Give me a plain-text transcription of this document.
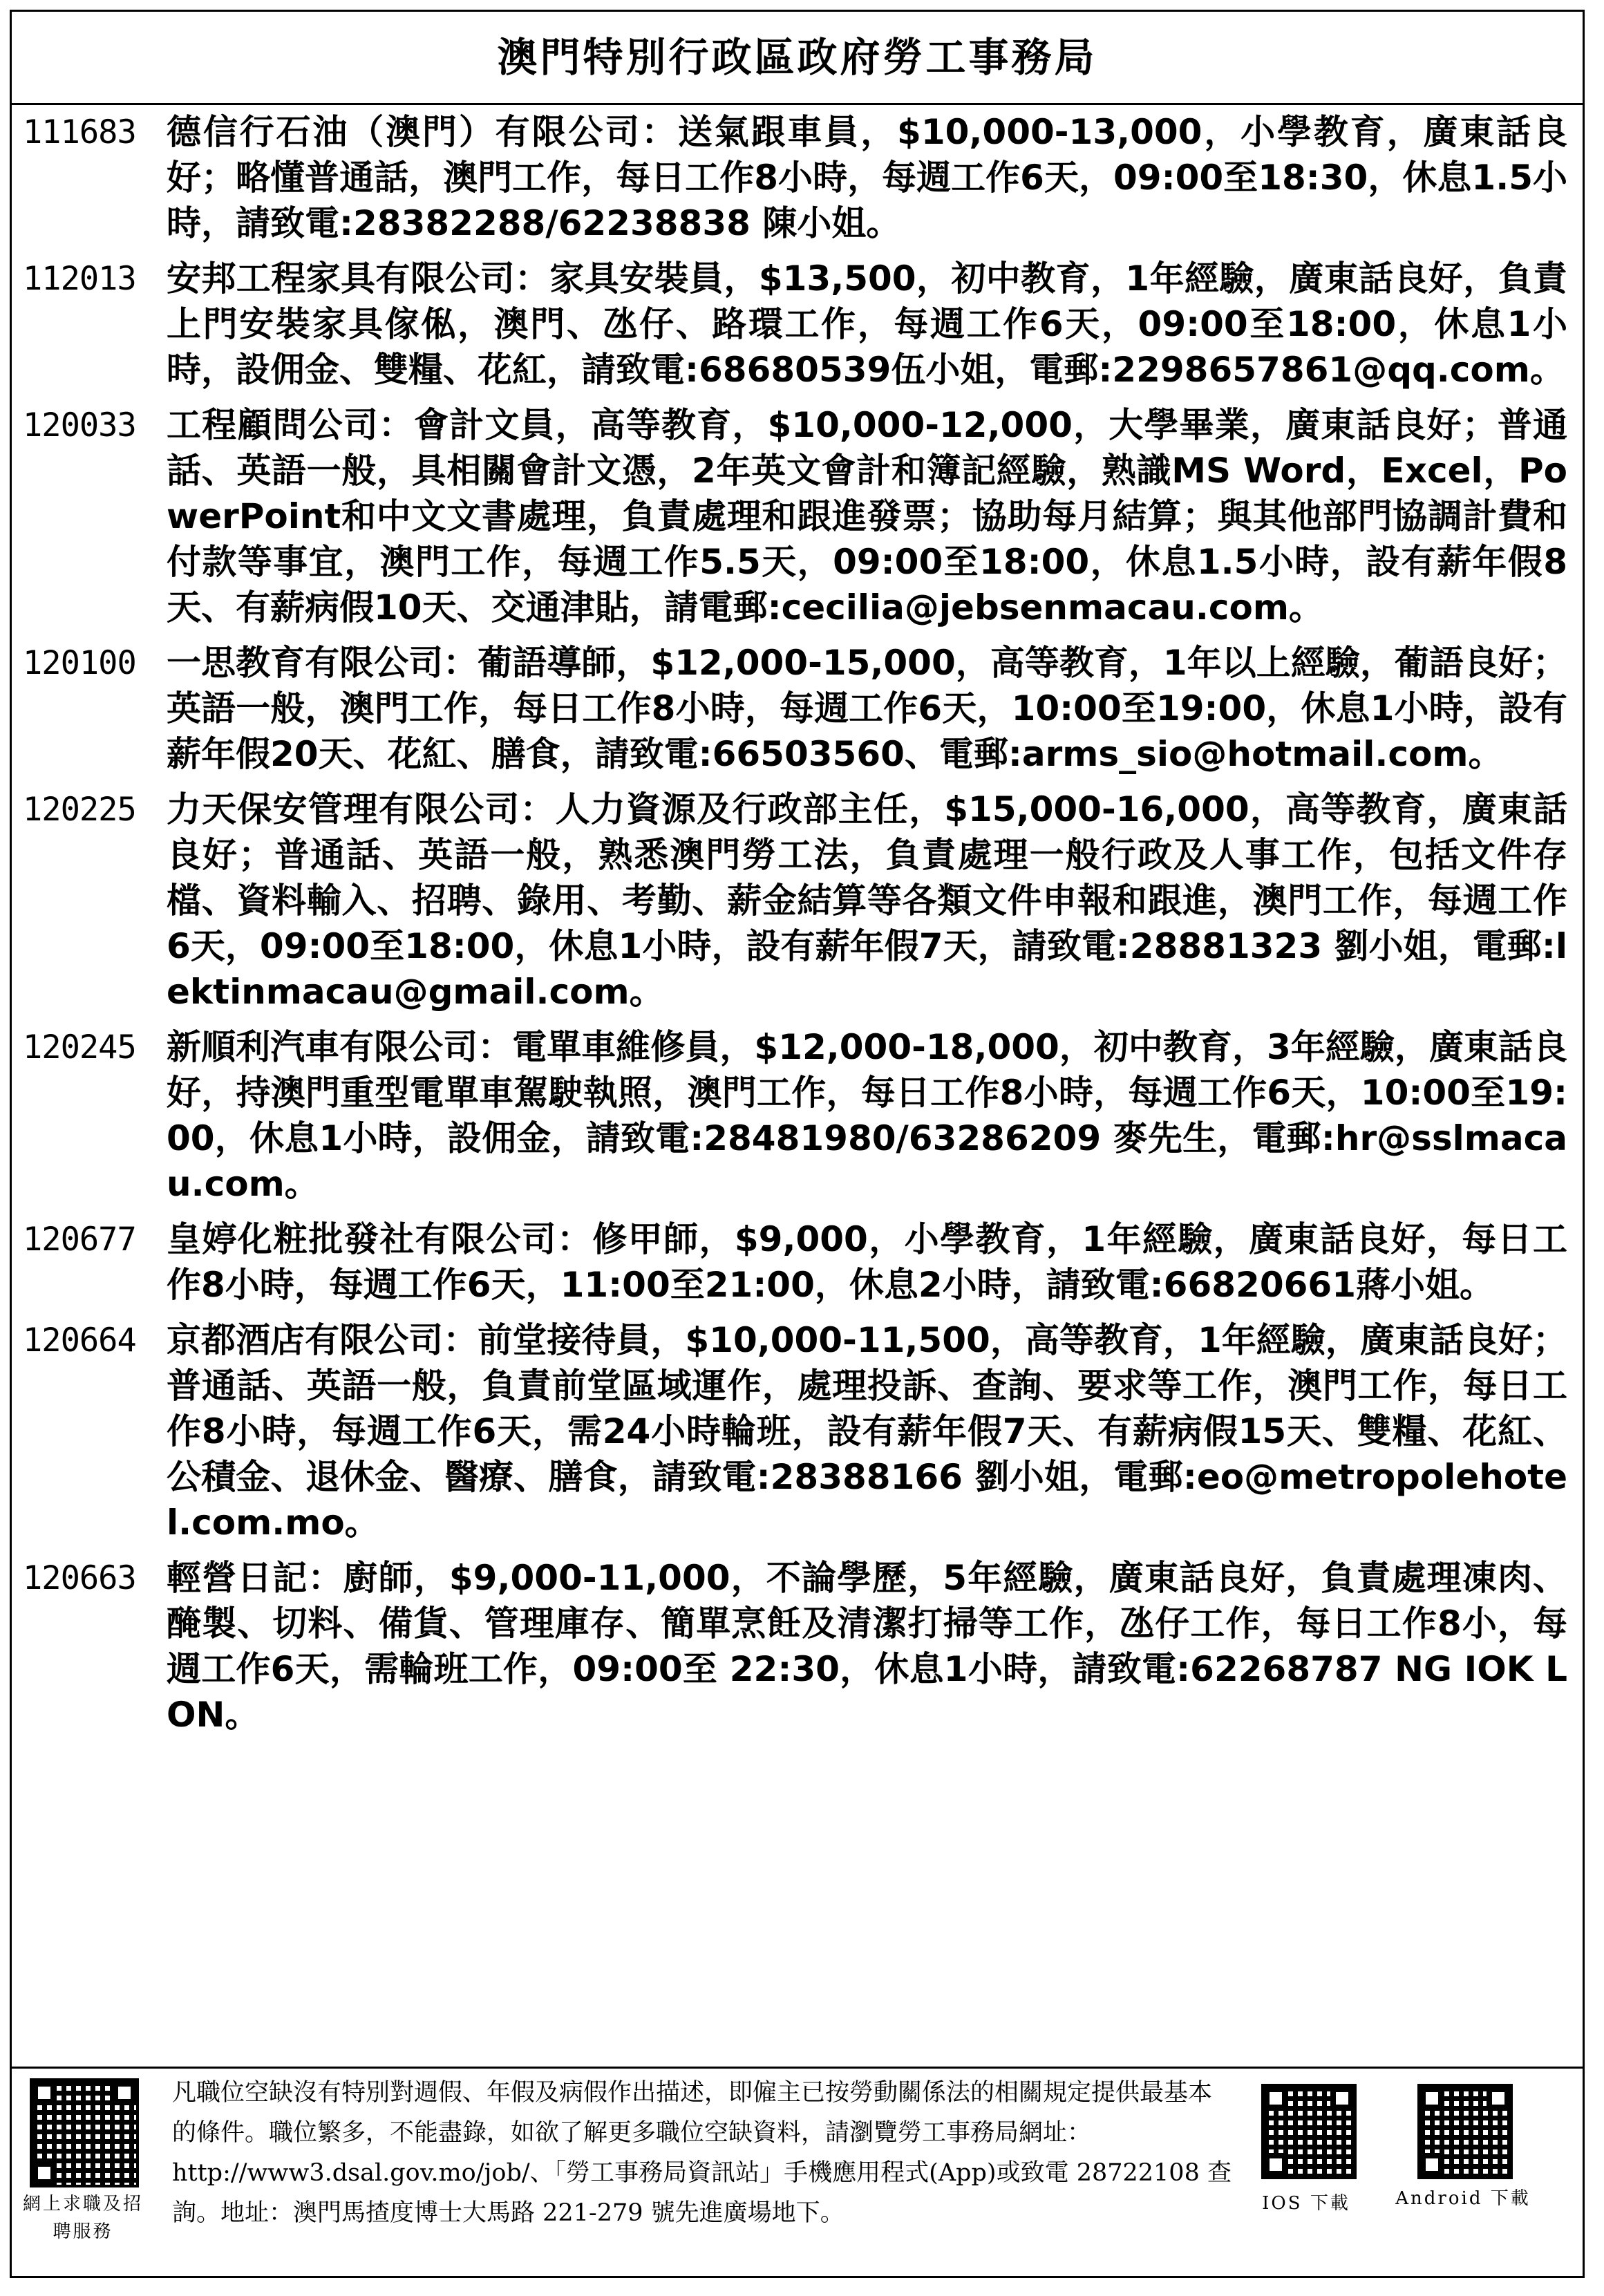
澳門特別行政區政府勞工事務局
111683 德信行石油（澳門）有限公司：送氣跟車員，$10,000-13,000，小學教育，廣東話良好；略懂普通話，澳門工作，每日工作8小時，每週工作6天，09:00至18:30，休息1.5小時，請致電:28382288/62238838 陳小姐。

112013 安邦工程家具有限公司：家具安裝員，$13,500，初中教育，1年經驗，廣東話良好，負責上門安裝家具傢俬，澳門、氹仔、路環工作，每週工作6天，09:00至18:00，休息1小時，設佣金、雙糧、花紅，請致電:68680539伍小姐，電郵:2298657861@qq.com。

120033 工程顧問公司：會計文員，高等教育，$10,000-12,000，大學畢業，廣東話良好；普通話、英語一般，具相關會計文憑，2年英文會計和簿記經驗，熟識MS Word，Excel，PowerPoint和中文文書處理，負責處理和跟進發票；協助每月結算；與其他部門協調計費和付款等事宜，澳門工作，每週工作5.5天，09:00至18:00，休息1.5小時，設有薪年假8天、有薪病假10天、交通津貼，請電郵:cecilia@jebsenmacau.com。

120100 一思教育有限公司：葡語導師，$12,000-15,000，高等教育，1年以上經驗，葡語良好；英語一般，澳門工作，每日工作8小時，每週工作6天，10:00至19:00，休息1小時，設有薪年假20天、花紅、膳食，請致電:66503560、電郵:arms_sio@hotmail.com。

120225 力天保安管理有限公司：人力資源及行政部主任，$15,000-16,000，高等教育，廣東話良好；普通話、英語一般，熟悉澳門勞工法，負責處理一般行政及人事工作，包括文件存檔、資料輸入、招聘、錄用、考勤、薪金結算等各類文件申報和跟進，澳門工作，每週工作6天，09:00至18:00，休息1小時，設有薪年假7天，請致電:28881323 劉小姐，電郵:lektinmacau@gmail.com。

120245 新順利汽車有限公司：電單車維修員，$12,000-18,000，初中教育，3年經驗，廣東話良好，持澳門重型電單車駕駛執照，澳門工作，每日工作8小時，每週工作6天，10:00至19:00，休息1小時，設佣金，請致電:28481980/63286209 麥先生，電郵:hr@sslmacau.com。

120677 皇婷化粧批發社有限公司：修甲師，$9,000，小學教育，1年經驗，廣東話良好，每日工作8小時，每週工作6天，11:00至21:00，休息2小時，請致電:66820661蔣小姐。

120664 京都酒店有限公司：前堂接待員，$10,000-11,500，高等教育，1年經驗，廣東話良好；普通話、英語一般，負責前堂區域運作，處理投訴、查詢、要求等工作，澳門工作，每日工作8小時，每週工作6天，需24小時輪班，設有薪年假7天、有薪病假15天、雙糧、花紅、公積金、退休金、醫療、膳食，請致電:28388166 劉小姐，電郵:eo@metropolehotel.com.mo。

120663 輕營日記：廚師，$9,000-11,000，不論學歷，5年經驗，廣東話良好，負責處理凍肉、醃製、切料、備貨、管理庫存、簡單烹飪及清潔打掃等工作，氹仔工作，每日工作8小，每週工作6天，需輪班工作，09:00至 22:30，休息1小時，請致電:62268787 NG IOK LON。

網上求職及招聘服務

凡職位空缺沒有特別對週假、年假及病假作出描述，即僱主已按勞動關係法的相關規定提供最基本的條件。職位繁多，不能盡錄，如欲了解更多職位空缺資料，請瀏覽勞工事務局網址：http://www3.dsal.gov.mo/job/、「勞工事務局資訊站」手機應用程式(App)或致電 28722108 查詢。地址：澳門馬揸度博士大馬路 221-279 號先進廣場地下。	IOS 下載	Android 下載
